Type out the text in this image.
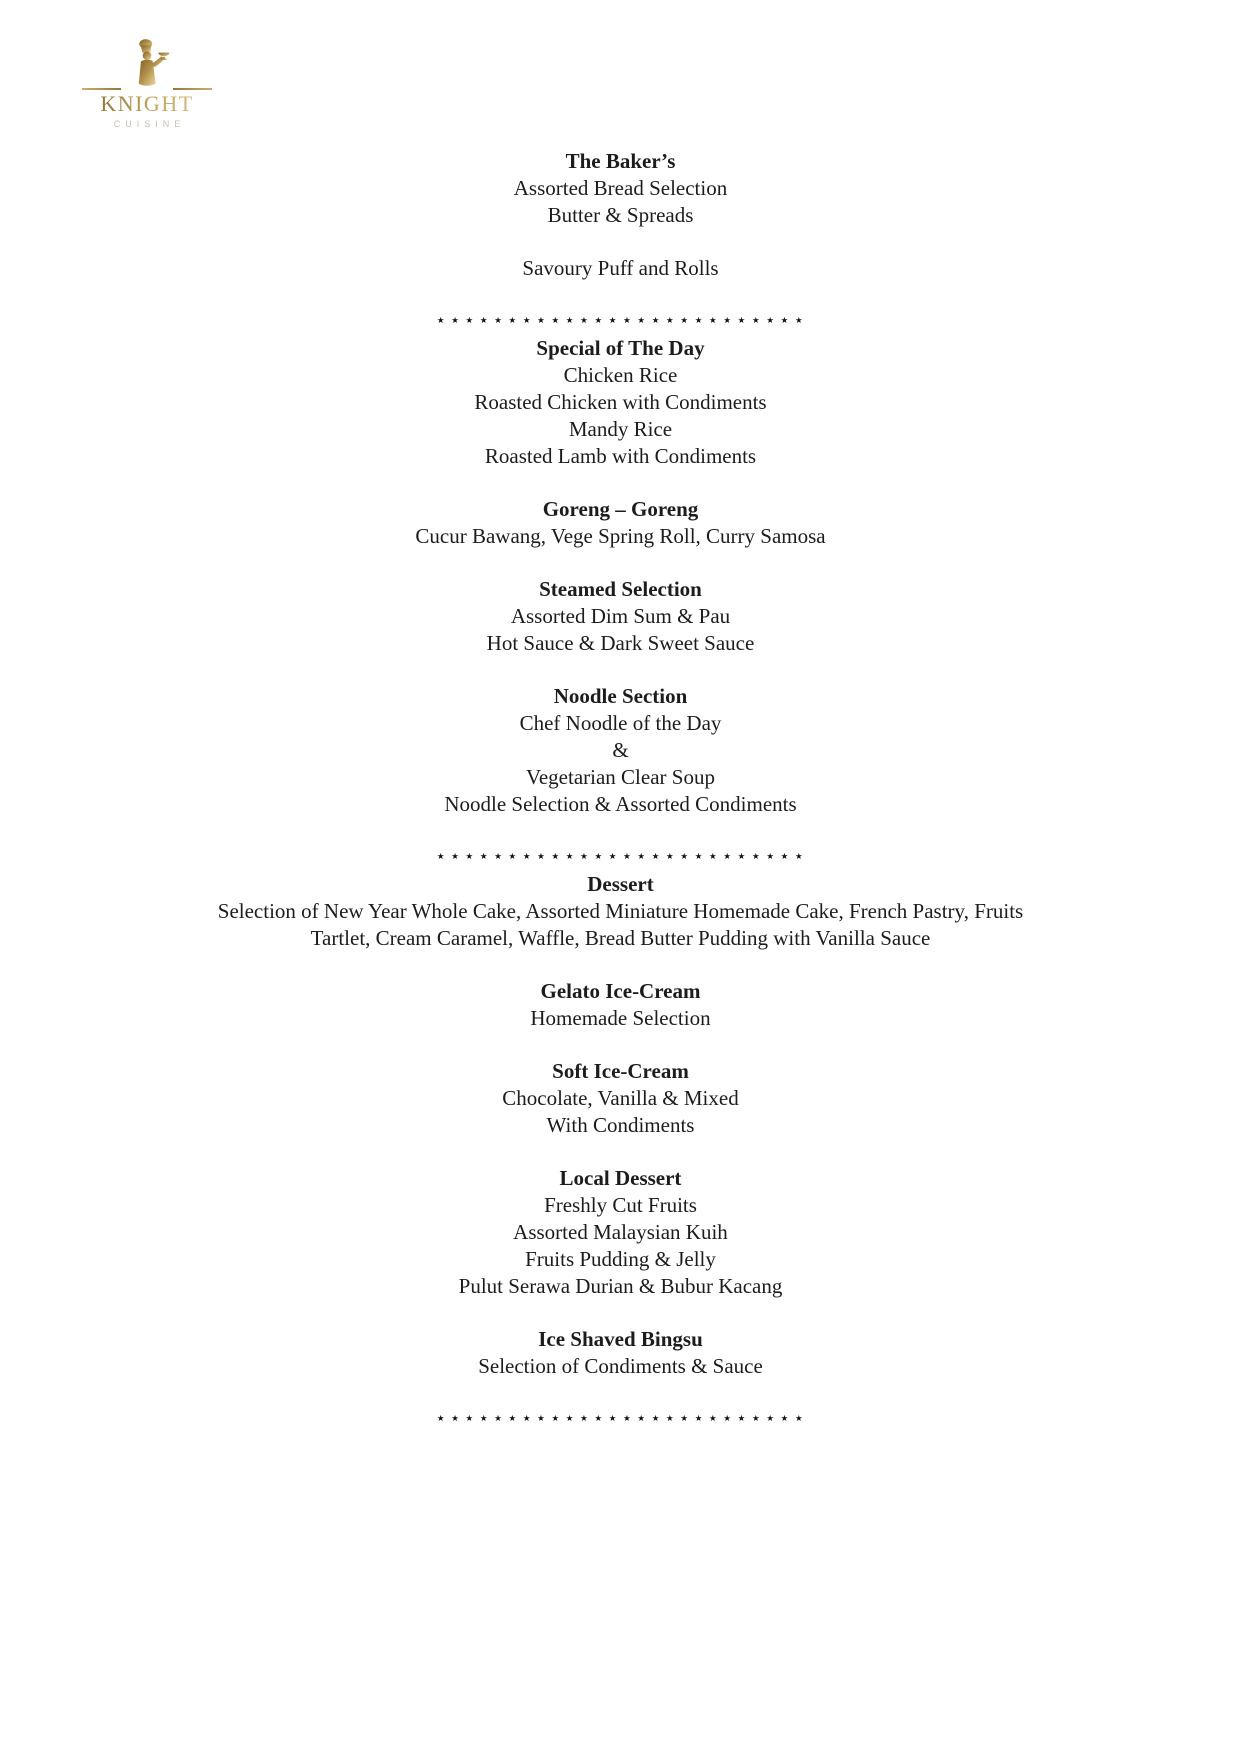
KNIGHT
CUISINE
The Baker’s
Assorted Bread Selection
Butter & Spreads
Savoury Puff and Rolls
★ ★ ★ ★ ★ ★ ★ ★ ★ ★ ★ ★ ★ ★ ★ ★ ★ ★ ★ ★ ★ ★ ★ ★ ★ ★
Special of The Day
Chicken Rice
Roasted Chicken with Condiments
Mandy Rice
Roasted Lamb with Condiments
Goreng – Goreng
Cucur Bawang, Vege Spring Roll, Curry Samosa
Steamed Selection
Assorted Dim Sum & Pau
Hot Sauce & Dark Sweet Sauce
Noodle Section
Chef Noodle of the Day
&
Vegetarian Clear Soup
Noodle Selection & Assorted Condiments
★ ★ ★ ★ ★ ★ ★ ★ ★ ★ ★ ★ ★ ★ ★ ★ ★ ★ ★ ★ ★ ★ ★ ★ ★ ★
Dessert
Selection of New Year Whole Cake, Assorted Miniature Homemade Cake, French Pastry, Fruits
Tartlet, Cream Caramel, Waffle, Bread Butter Pudding with Vanilla Sauce
Gelato Ice-Cream
Homemade Selection
Soft Ice-Cream
Chocolate, Vanilla & Mixed
With Condiments
Local Dessert
Freshly Cut Fruits
Assorted Malaysian Kuih
Fruits Pudding & Jelly
Pulut Serawa Durian & Bubur Kacang
Ice Shaved Bingsu
Selection of Condiments & Sauce
★ ★ ★ ★ ★ ★ ★ ★ ★ ★ ★ ★ ★ ★ ★ ★ ★ ★ ★ ★ ★ ★ ★ ★ ★ ★
